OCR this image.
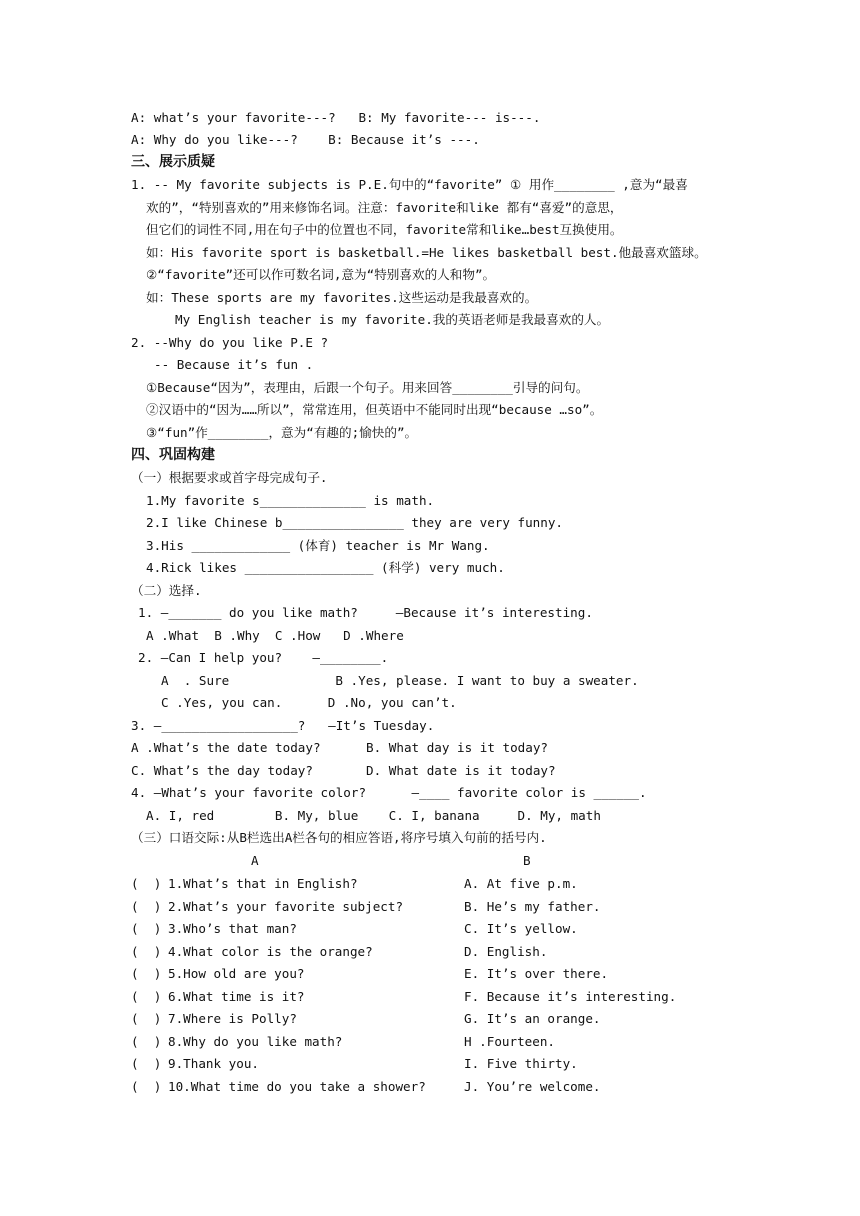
A: what’s your favorite---?   B: My favorite--- is---.
A: Why do you like---?    B: Because it’s ---.
三、展示质疑
1. -- My favorite subjects is P.E.句中的“favorite” ① 用作________ ,意为“最喜
欢的”，“特别喜欢的”用来修饰名词。注意：favorite和like 都有“喜爱”的意思，
但它们的词性不同,用在句子中的位置也不同，favorite常和like…best互换使用。
如：His favorite sport is basketball.=He likes basketball best.他最喜欢篮球。
②“favorite”还可以作可数名词,意为“特别喜欢的人和物”。
如：These sports are my favorites.这些运动是我最喜欢的。
My English teacher is my favorite.我的英语老师是我最喜欢的人。
2. --Why do you like P.E ?
-- Because it’s fun .
①Because“因为”，表理由，后跟一个句子。用来回答________引导的问句。
②汉语中的“因为……所以”，常常连用，但英语中不能同时出现“because …so”。
③“fun”作________，意为“有趣的;愉快的”。
四、巩固构建
（一）根据要求或首字母完成句子.
1.My favorite s______________ is math.
2.I like Chinese b________________ they are very funny.
3.His _____________ (体育) teacher is Mr Wang.
4.Rick likes _________________ (科学) very much.
（二）选择.
1. —_______ do you like math?     —Because it’s interesting.
A .What  B .Why  C .How   D .Where
2. —Can I help you?    —________.
A  . Sure              B .Yes, please. I want to buy a sweater.
C .Yes, you can.      D .No, you can’t.
3. —__________________?   —It’s Tuesday.
A .What’s the date today?      B. What day is it today?
C. What’s the day today?       D. What date is it today?
4. —What’s your favorite color?      —____ favorite color is ______.
A. I, red        B. My, blue    C. I, banana     D. My, math
（三）口语交际:从B栏选出A栏各句的相应答语,将序号填入句前的括号内.
A	B
(  ) 1.What’s that in English?	A. At five p.m.
(  ) 2.What’s your favorite subject?	B. He’s my father.
(  ) 3.Who’s that man?	C. It’s yellow.
(  ) 4.What color is the orange?	D. English.
(  ) 5.How old are you?	E. It’s over there.
(  ) 6.What time is it?	F. Because it’s interesting.
(  ) 7.Where is Polly?	G. It’s an orange.
(  ) 8.Why do you like math?	H .Fourteen.
(  ) 9.Thank you.	I. Five thirty.
(  ) 10.What time do you take a shower?	J. You’re welcome.
